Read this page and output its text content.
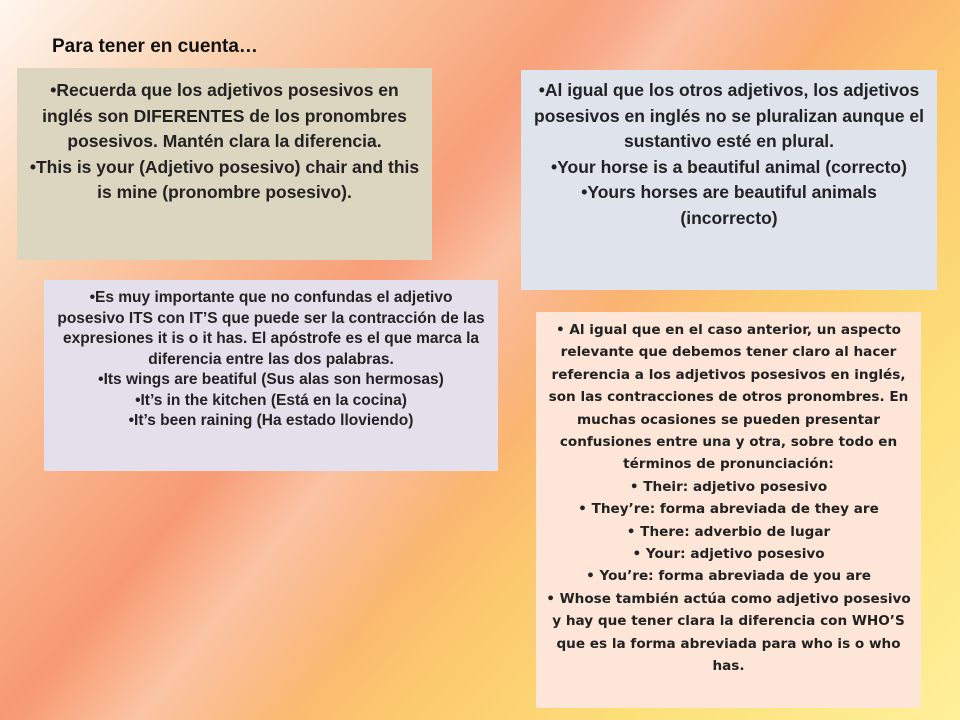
Para tener en cuenta…

•Recuerda que los adjetivos posesivos en inglés son DIFERENTES de los pronombres posesivos. Mantén clara la diferencia.

•This is your (Adjetivo posesivo) chair and this is mine (pronombre posesivo).

•Al igual que los otros adjetivos, los adjetivos posesivos en inglés no se pluralizan aunque el sustantivo esté en plural.

•Your horse is a beautiful animal (correcto)

•Yours horses are beautiful animals (incorrecto)

•Es muy importante que no confundas el adjetivo posesivo ITS con IT’S que puede ser la contracción de las expresiones it is o it has. El apóstrofe es el que marca la diferencia entre las dos palabras.

•Its wings are beatiful (Sus alas son hermosas)

•It’s in the kitchen (Está en la cocina)

•It’s been raining (Ha estado lloviendo)

• Al igual que en el caso anterior, un aspecto relevante que debemos tener claro al hacer referencia a los adjetivos posesivos en inglés, son las contracciones de otros pronombres. En muchas ocasiones se pueden presentar confusiones entre una y otra, sobre todo en términos de pronunciación:

• Their: adjetivo posesivo

• They’re: forma abreviada de they are

• There: adverbio de lugar

• Your: adjetivo posesivo

• You’re: forma abreviada de you are

• Whose también actúa como adjetivo posesivo y hay que tener clara la diferencia con WHO’S que es la forma abreviada para who is o who has.
